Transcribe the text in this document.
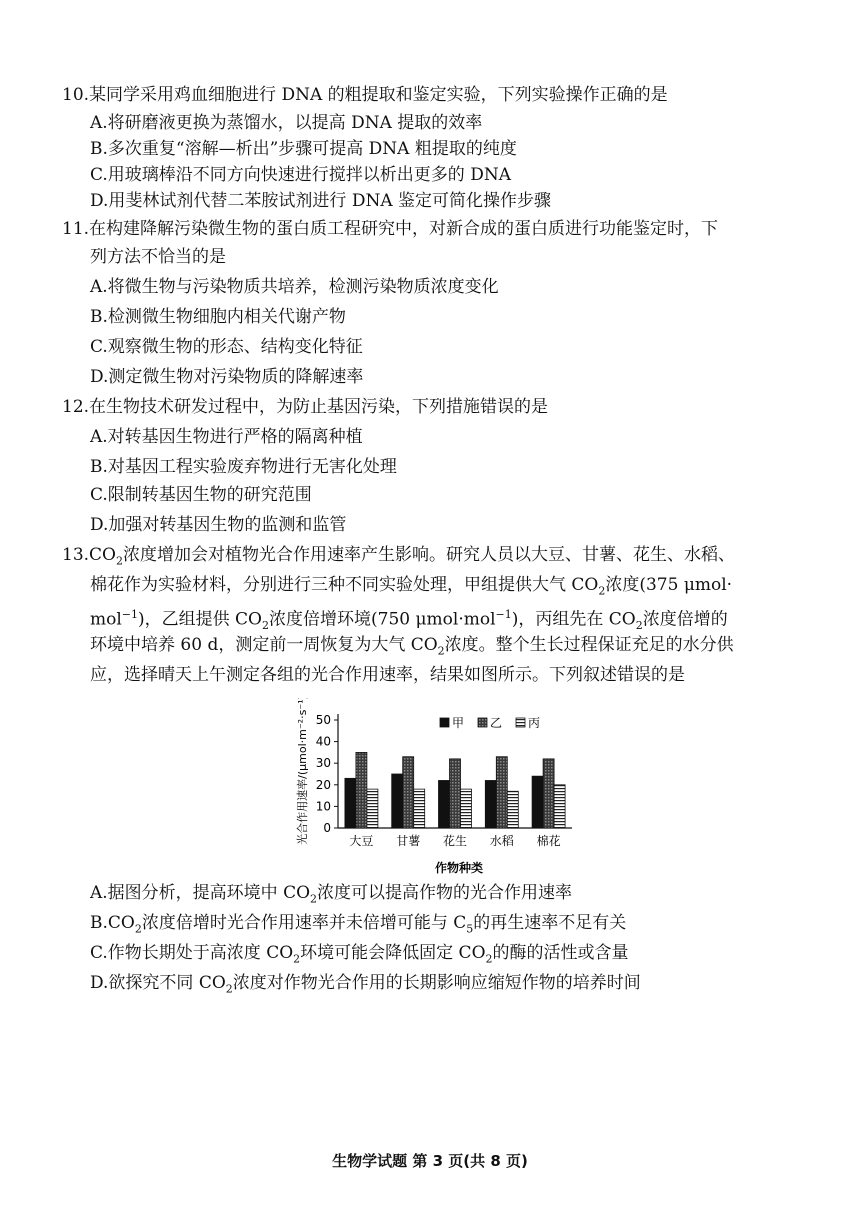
10.某同学采用鸡血细胞进行 DNA 的粗提取和鉴定实验，下列实验操作正确的是
A.将研磨液更换为蒸馏水，以提高 DNA 提取的效率
B.多次重复“溶解—析出”步骤可提高 DNA 粗提取的纯度
C.用玻璃棒沿不同方向快速进行搅拌以析出更多的 DNA
D.用斐林试剂代替二苯胺试剂进行 DNA 鉴定可简化操作步骤
11.在构建降解污染微生物的蛋白质工程研究中，对新合成的蛋白质进行功能鉴定时，下
列方法不恰当的是
A.将微生物与污染物质共培养，检测污染物质浓度变化
B.检测微生物细胞内相关代谢产物
C.观察微生物的形态、结构变化特征
D.测定微生物对污染物质的降解速率
12.在生物技术研发过程中，为防止基因污染，下列措施错误的是
A.对转基因生物进行严格的隔离种植
B.对基因工程实验废弃物进行无害化处理
C.限制转基因生物的研究范围
D.加强对转基因生物的监测和监管
$13.CO_2$浓度增加会对植物光合作用速率产生影响。研究人员以大豆、甘薯、花生、水稻、
棉花作为实验材料，分别进行三种不同实验处理，甲组提供大气 $CO_2$浓度(375 μmol·
mol$^{-1}$)，乙组提供 $CO_2$浓度倍增环境(750 μmol·mol$^{-1}$)，丙组先在 $CO_2$浓度倍增的
环境中培养 60 d，测定前一周恢复为大气 $CO_2$浓度。整个生长过程保证充足的水分供
应，选择晴天上午测定各组的光合作用速率，结果如图所示。下列叙述错误的是
0
10
20
30
40
50
光合作用速率/(μmol·m⁻²·s⁻¹)	大豆 甘薯 花生 水稻 棉花
作物种类
甲 乙 丙
A.据图分析，提高环境中 $CO_2$浓度可以提高作物的光合作用速率
$B.CO_2$浓度倍增时光合作用速率并未倍增可能与 $C_5$的再生速率不足有关
C.作物长期处于高浓度 $CO_2$环境可能会降低固定 $CO_2$的酶的活性或含量
D.欲探究不同 $CO_2$浓度对作物光合作用的长期影响应缩短作物的培养时间
生物学试题 第 3 页(共 8 页)
